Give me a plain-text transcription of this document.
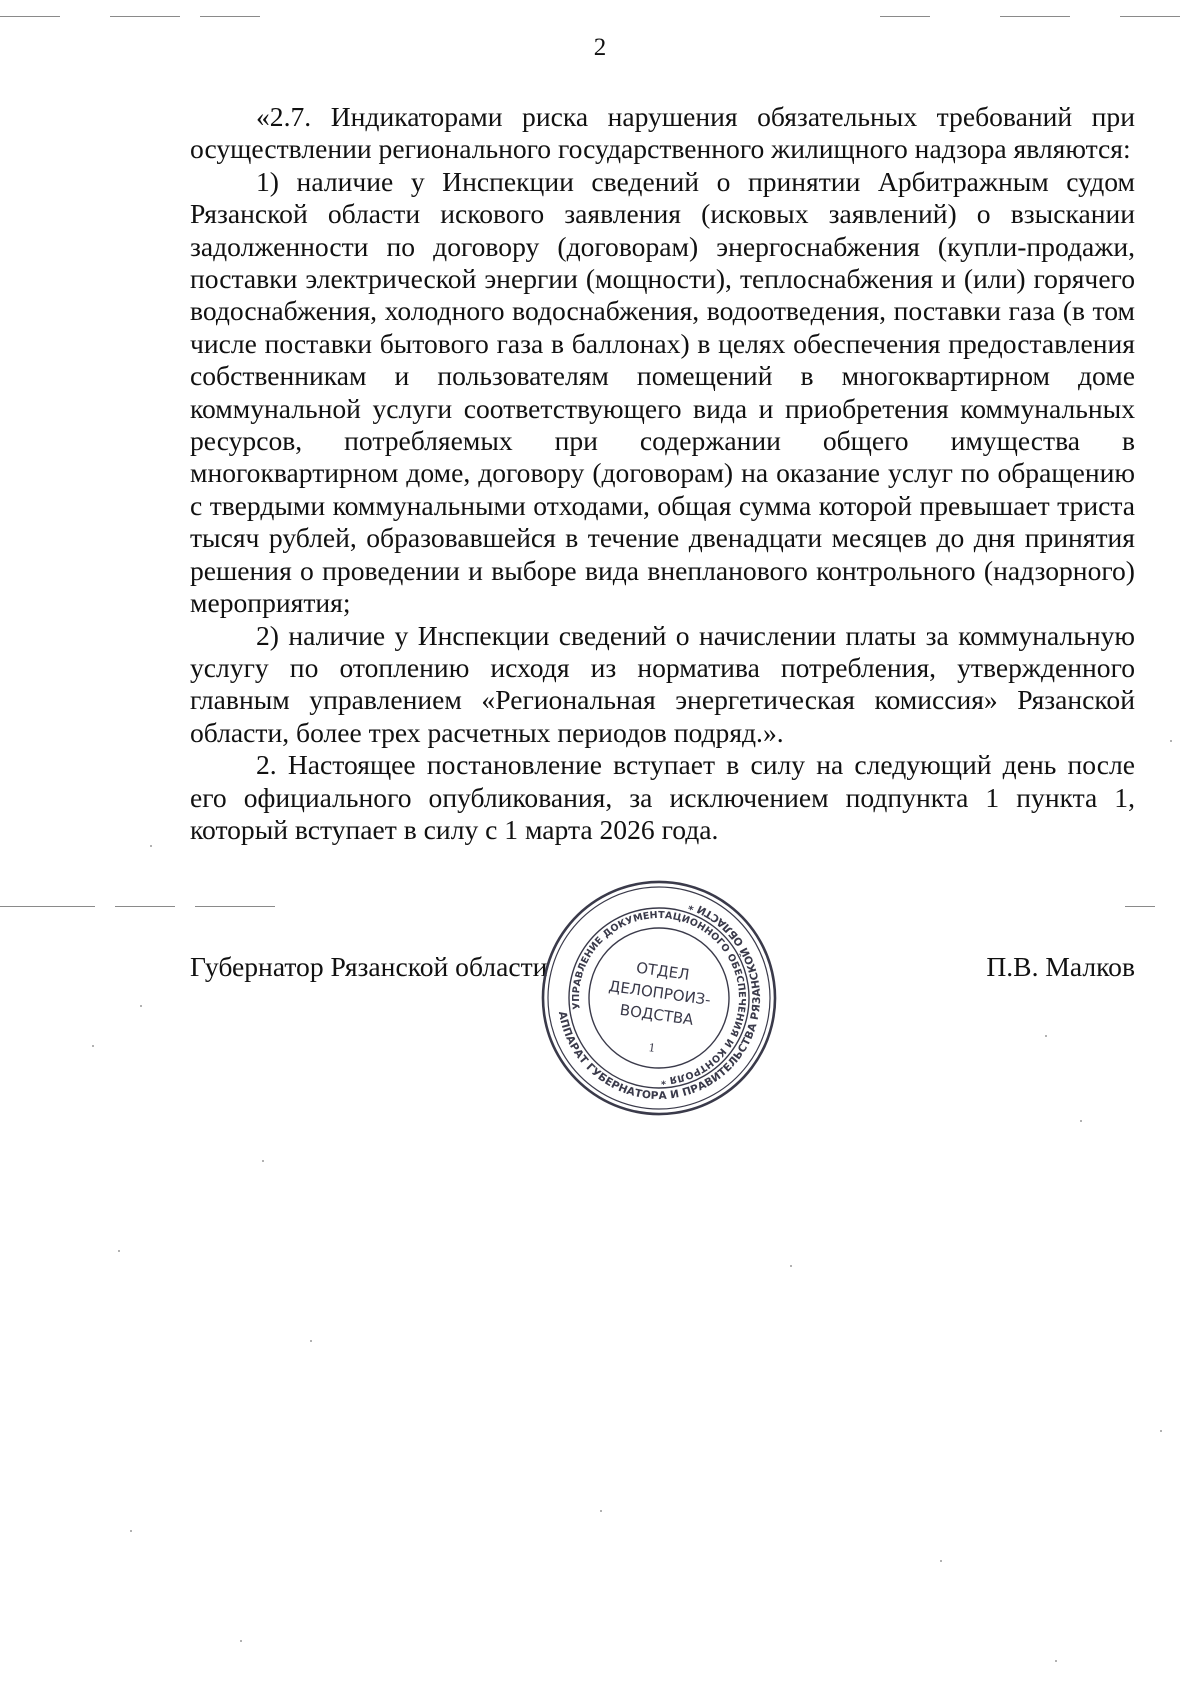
2

«2.7. Индикаторами риска нарушения обязательных требований при осуществлении регионального государственного жилищного надзора являются:

1) наличие у Инспекции сведений о принятии Арбитражным судом Рязанской области искового заявления (исковых заявлений) о взыскании задолженности по договору (договорам) энергоснабжения (купли-продажи, поставки электрической энергии (мощности), теплоснабжения и (или) горячего водоснабжения, холодного водоснабжения, водоотведения, поставки газа (в том числе поставки бытового газа в баллонах) в целях обеспечения предоставления собственникам и пользователям помещений в многоквартирном доме коммунальной услуги соответствующего вида и приобретения коммунальных ресурсов, потребляемых при содержании общего имущества в многоквартирном доме, договору (договорам) на оказание услуг по обращению с твердыми коммунальными отходами, общая сумма которой превышает триста тысяч рублей, образовавшейся в течение двенадцати месяцев до дня принятия решения о проведении и выборе вида внепланового контрольного (надзорного) мероприятия;

2) наличие у Инспекции сведений о начислении платы за коммунальную услугу по отоплению исходя из норматива потребления, утвержденного главным управлением «Региональная энергетическая комиссия» Рязанской области, более трех расчетных периодов подряд.».

2. Настоящее постановление вступает в силу на следующий день после его официального опубликования, за исключением подпункта 1 пункта 1, который вступает в силу с 1 марта 2026 года.

Губернатор Рязанской области	П.В. Малков
АППАРАТ ГУБЕРНАТОРА И ПРАВИТЕЛЬСТВА РЯЗАНСКОЙ ОБЛАСТИ *
УПРАВЛЕНИЕ ДОКУМЕНТАЦИОННОГО ОБЕСПЕЧЕНИЯ И КОНТРОЛЯ *
ОТДЕЛ
ДЕЛОПРОИЗ-
ВОДСТВА
1
